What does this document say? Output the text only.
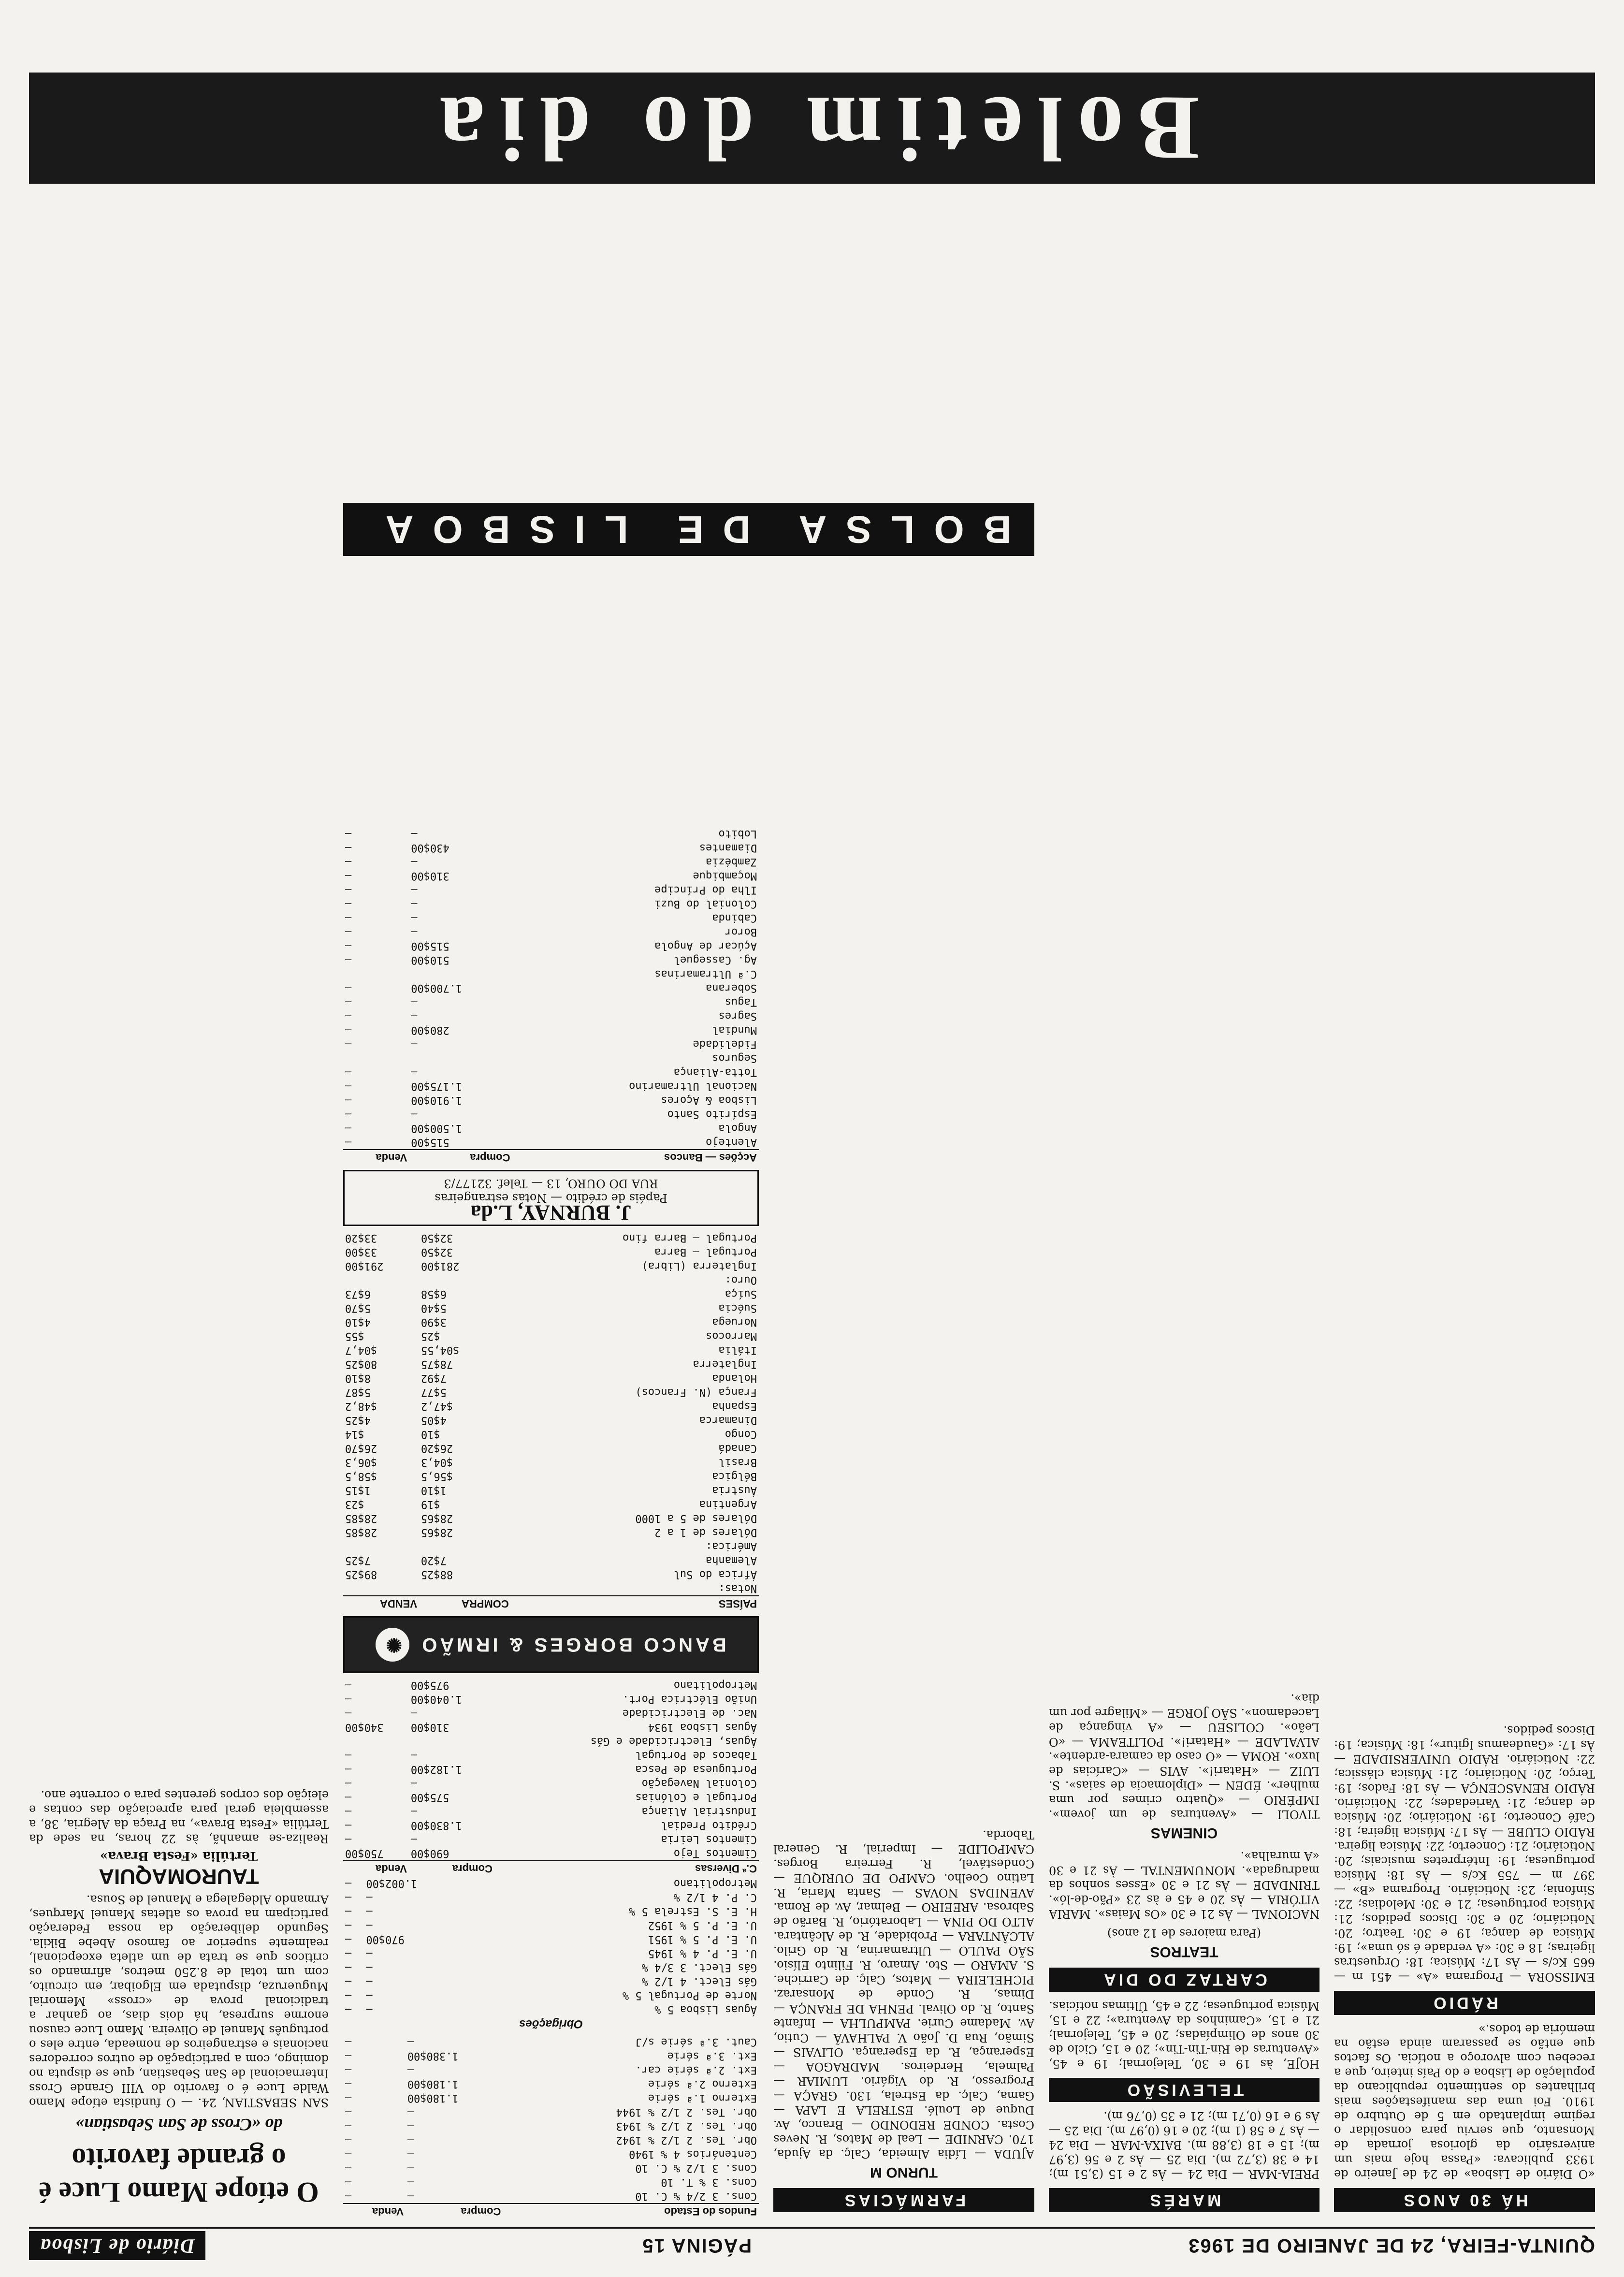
QUINTA-FEIRA, 24 DE JANEIRO DE 1963
PÁGINA 15
Diário de Lisboa
HÁ 30 ANOS

«O Diário de Lisboa» de 24 de Janeiro de 1933 publicava: «Passa hoje mais um aniversário da gloriosa jornada de Monsanto, que serviu para consolidar o regime implantado em 5 de Outubro de 1910. Foi uma das manifestações mais brilhantes do sentimento republicano da população de Lisboa e do País inteiro, que a recebeu com alvoroço a notícia. Os factos que então se passaram ainda estão na memória de todos.»

RÁDIO

EMISSORA — Programa «A» — 451 m — 665 Kc/s — Às 17: Música; 18: Orquestras ligeiras; 18 e 30: «A verdade é só uma»; 19: Música de dança; 19 e 30: Teatro; 20: Noticiário; 20 e 30: Discos pedidos; 21: Música portuguesa; 21 e 30: Melodias; 22: Sinfonia; 23: Noticiário. Programa «B» — 397 m — 755 Kc/s — Às 18: Música portuguesa; 19: Intérpretes musicais; 20: Noticiário; 21: Concerto; 22: Música ligeira. RÁDIO CLUBE — Às 17: Música ligeira; 18: Café Concerto; 19: Noticiário; 20: Música de dança; 21: Variedades; 22: Noticiário. RÁDIO RENASCENÇA — Às 18: Fados; 19: Terço; 20: Noticiário; 21: Música clássica; 22: Noticiário. RÁDIO UNIVERSIDADE — Às 17: «Gaudeamus Igitur»; 18: Música; 19: Discos pedidos.

MARÉS

PREIA-MAR — Dia 24 — Às 2 e 15 (3,51 m); 14 e 38 (3,72 m). Dia 25 — Às 2 e 56 (3,97 m); 15 e 18 (3,88 m). BAIXA-MAR — Dia 24 — Às 7 e 58 (1 m); 20 e 16 (0,97 m). Dia 25 — Às 9 e 16 (0,71 m); 21 e 35 (0,76 m).

TELEVISÃO

HOJE, às 19 e 30, Telejornal; 19 e 45, «Aventuras de Rin-Tin-Tin»; 20 e 15, Ciclo de 30 anos de Olimpíadas; 20 e 45, Telejornal; 21 e 15, «Caminhos da Aventura»; 22 e 15, Música portuguesa; 22 e 45, Últimas notícias.

CARTAZ DO DIA
TEATROS

(Para maiores de 12 anos)

NACIONAL — Às 21 e 30 «Os Maias». MARIA VITÓRIA — Às 20 e 45 e às 23 «Pão-de-ló». TRINDADE — Às 21 e 30 «Esses sonhos da madrugada». MONUMENTAL — Às 21 e 30 «A muralha».

CINEMAS

TIVOLI — «Aventuras de um jovem». IMPÉRIO — «Quatro crimes por uma mulher». ÉDEN — «Diplomacia de saias». S. LUIZ — «Hatari!». AVIS — «Carícias de luxo». ROMA — «O caso da camara-ardente». ALVALADE — «Hatari!». POLITEAMA — «O Leão». COLISEU — «A vingança de Lacedamon». SÃO JORGE — «Milagre por um dia».

FARMÁCIAS
TURNO M

AJUDA — Lídia Almeida, Calç. da Ajuda, 170. CARNIDE — Leal de Matos, R. Neves Costa. CONDE REDONDO — Branco, Av. Duque de Loulé. ESTRELA E LAPA — Gama, Calç. da Estrela, 130. GRAÇA — Progresso, R. do Vigário. LUMIAR — Palmela, Herdeiros. MADRAGOA — Esperança, R. da Esperança. OLIVAIS — Simão, Rua D. João V. PALHAVÃ — Cutio, Av. Madame Curie. PAMPULHA — Infante Santo, R. do Olival. PENHA DE FRANÇA — Dimas, R. Conde de Monsaraz. PICHELEIRA — Matos, Calç. de Carriche. S. AMARO — Sto. Amaro, R. Filinto Elísio. SÃO PAULO — Ultramarina, R. do Grilo. ALCÂNTARA — Probidade, R. de Alcântara. ALTO DO PINA — Laboratório, R. Barão de Sabrosa. AREEIRO — Belmar, Av. de Roma. AVENIDAS NOVAS — Santa Maria, R. Latino Coelho. CAMPO DE OURIQUE — Condestável, R. Ferreira Borges. CAMPOLIDE — Imperial, R. General Taborda.

BOLSA DE LISBOA
Fundos do Estado	Compra	Venda
Cons. 3 2/4 % C. 10	—	—
Cons. 3 % T. 10	—	—
Cons. 3 1/2 % C. 10	—	—
Centenários 4 % 1940	—	—
Obr. Tes. 2 1/2 % 1942	—	—
Obr. Tes. 2 1/2 % 1943	—	—
Obr. Tes. 2 1/2 % 1944	—	—
Externo 1.ª série	1.180$00	—
Externo 2.ª série	1.180$00	—
Ext. 2.ª série car.	—	—
Ext. 3.ª série	1.380$00	—
Caut. 3.ª série s/J	—	—
Obrigações
Águas Lisboa 5 %	—	—
Norte de Portugal 5 %	—	—
Gás Elect. 4 1/2 %	—	—
Gás Elect. 3 3/4 %	—	—
U. E. P. 4 % 1945	—	—
U. E. P. 5 % 1951	970$00	—
U. E. P. 5 % 1952	—	—
H. E. S. Estrela 5 %	—	—
C. P. 4 1/2 %	—	—
Metropolitano	1.002$00	—
C.ª Diversas	Compra	Venda
Cimentos Tejo	690$00	750$00
Cimentos Leiria	—	—
Crédito Predial	1.830$00	—
Industrial Aliança	—	—
Portugal e Colónias	575$00	—
Colonial Navegação	—	—
Portuguesa de Pesca	1.182$00	—
Tabacos de Portugal	—	—
Águas, Electricidade e Gás		
Águas Lisboa 1934	310$00	340$00
Nac. de Electricidade	—	—
União Eléctrica Port.	1.040$00	—
Metropolitano	975$00	—
BANCO BORGES & IRMÃO
✺
PAÍSES	COMPRA	VENDA
Notas:		
África do Sul	88$25	89$25
Alemanha	7$20	7$25
América:		
Dólares de 1 a 2	28$65	28$85
Dólares de 5 a 1000	28$65	28$85
Argentina	$19	$23
Áustria	1$10	1$15
Bélgica	$56,5	$58,5
Brasil	$04,3	$06,3
Canadá	26$20	26$70
Congo	$10	$14
Dinamarca	4$05	4$25
Espanha	$47,2	$48,2
França (N. Francos)	5$77	5$87
Holanda	7$92	8$10
Inglaterra	78$75	80$25
Itália	$04,55	$04,7
Marrocos	$25	$55
Noruega	3$90	4$10
Suécia	5$40	5$70
Suíça	6$58	6$73
Ouro:		
Inglaterra (Libra)	281$00	291$00
Portugal — Barra	32$50	33$00
Portugal — Barra fino	32$50	33$20
J. BURNAY, L.da
Papéis de crédito — Notas estrangeiras
RUA DO OURO, 13 — Telef. 32177/3
Acções — Bancos	Compra	Venda
Alentejo	515$00	—
Angola	1.500$00	—
Espírito Santo	—	—
Lisboa & Açores	1.910$00	—
Nacional Ultramarino	1.175$00	—
Totta-Aliança	—	—
Seguros		
Fidelidade	—	—
Mundial	280$00	—
Sagres	—	—
Tagus	—	—
Soberana	1.700$00	—
C.ª Ultramarinas		
Ag. Casseguel	510$00	—
Açúcar de Angola	515$00	—
Boror	—	—
Cabinda	—	—
Colonial do Buzi	—	—
Ilha do Príncipe	—	—
Moçambique	310$00	—
Zambézia	—	—
Diamantes	430$00	—
Lobito	—	—
O etíope Mamo Luce é o grande favorito
do «Cross de San Sebastian»

SAN SEBASTIAN, 24. — O fundista etíope Mamo Walde Luce é o favorito do VIII Grande Cross Internacional de San Sebastian, que se disputa no domingo, com a participação de outros corredores nacionais e estrangeiros de nomeada, entre eles o português Manuel de Oliveira. Mamo Luce causou enorme surpresa, há dois dias, ao ganhar a tradicional prova de «cross» Memorial Mugueruza, disputada em Elgoibar, em circuito, com um total de 8.250 metros, afirmando os críticos que se trata de um atleta excepcional, realmente superior ao famoso Abebe Bikila. Segundo deliberação da nossa Federação participam na prova os atletas Manuel Marques, Armando Aldegalega e Manuel de Sousa.

TAUROMAQUIA
Tertúlia «Festa Brava»

Realiza-se amanhã, às 22 horas, na sede da Tertúlia «Festa Brava», na Praça da Alegria, 38, a assembleia geral para apreciação das contas e eleição dos corpos gerentes para o corrente ano.

Boletim do dia
